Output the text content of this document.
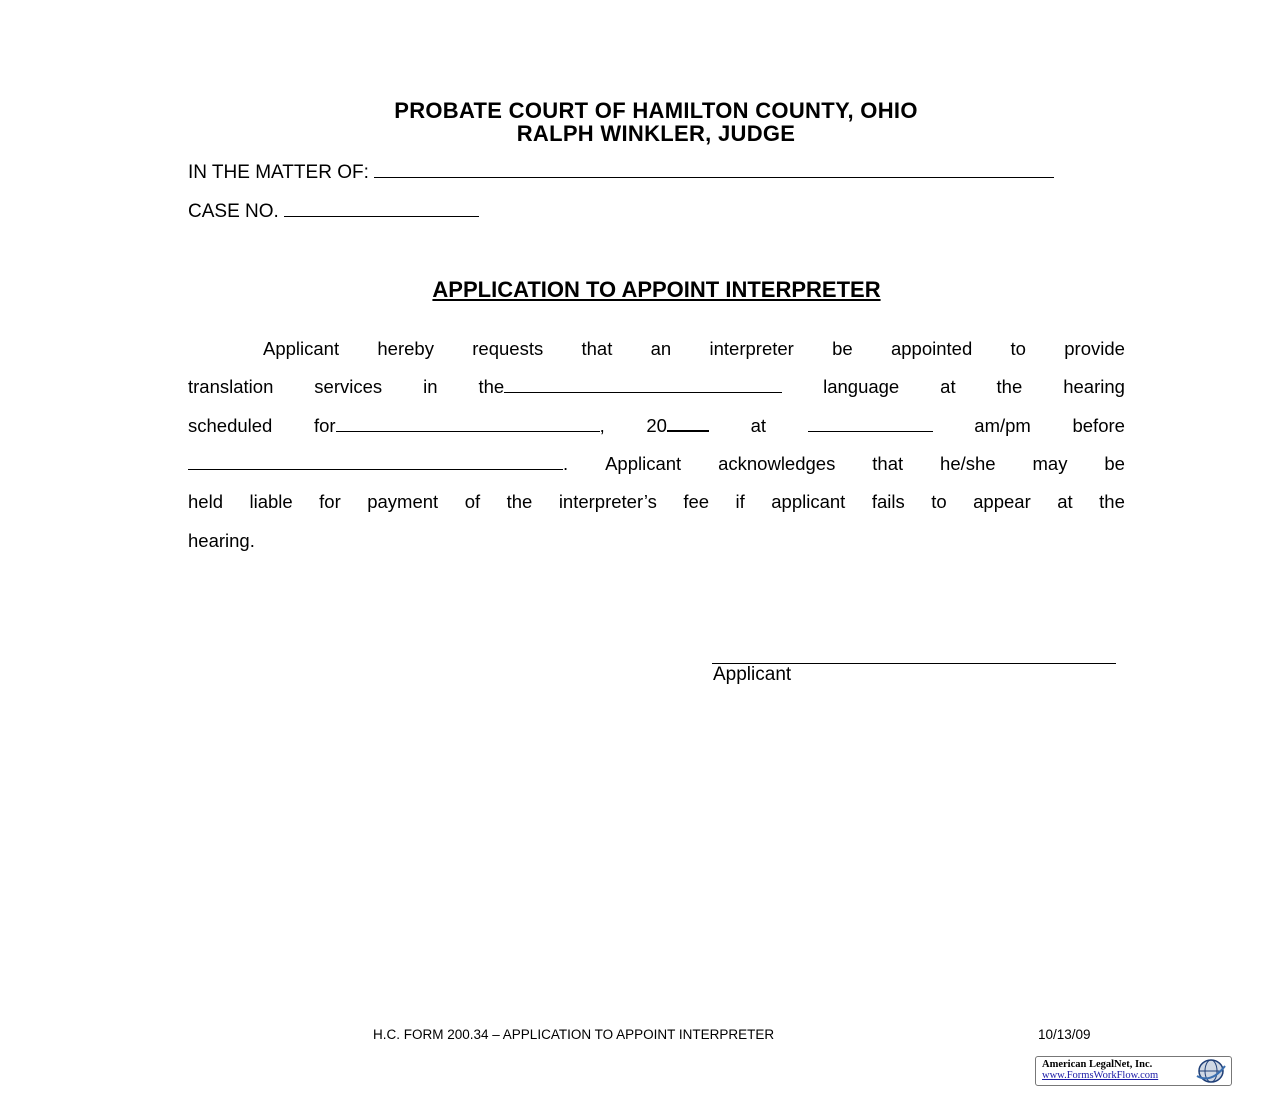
PROBATE COURT OF HAMILTON COUNTY, OHIO
RALPH WINKLER, JUDGE
IN THE MATTER OF:
CASE NO.
APPLICATION TO APPOINT INTERPRETER
Applicant hereby requests that an interpreter be appointed to provide
translation services in the	language at the hearing
scheduled for	, 20	at	am/pm before
. Applicant acknowledges that he/she may be
held liable for payment of the interpreter’s fee if applicant fails to appear at the
hearing.
Applicant
H.C. FORM 200.34 – APPLICATION TO APPOINT INTERPRETER	10/13/09
American LegalNet, Inc.
www.FormsWorkFlow.com
